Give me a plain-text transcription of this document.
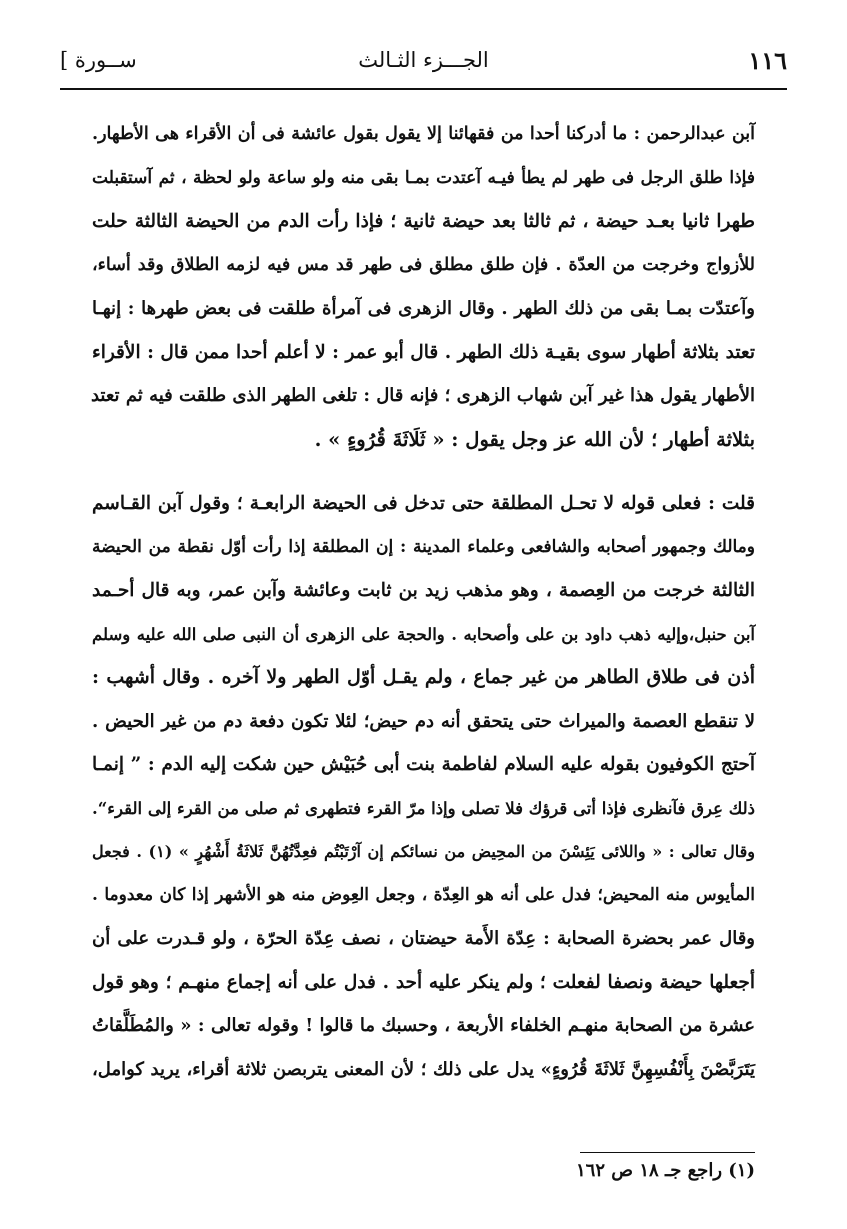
[ ســورة	الجـــزء الثـالث	١١٦

آبن عبدالرحمن : ما أدركنا أحدا من فقهائنا إلا يقول بقول عائشة فى أن الأقراء هى الأطهار.

فإذا طلق الرجل فى طهر لم يطأ فيـه آعتدت بمـا بقى منه ولو ساعة ولو لحظة ، ثم آستقبلت

طهرا ثانيا بعـد حيضة ، ثم ثالثا بعد حيضة ثانية ؛ فإذا رأت الدم من الحيضة الثالثة حلت

للأزواج وخرجت من العدّة . فإن طلق مطلق فى طهر قد مس فيه لزمه الطلاق وقد أساء،

وآعتدّت بمـا بقى من ذلك الطهر . وقال الزهرى فى آمرأة طلقت فى بعض طهرها : إنهـا

تعتد بثلاثة أطهار سوى بقيـة ذلك الطهر . قال أبو عمر : لا أعلم أحدا ممن قال : الأقراء

الأطهار يقول هذا غير آبن شهاب الزهرى ؛ فإنه قال : تلغى الطهر الذى طلقت فيه ثم تعتد

بثلاثة أطهار ؛ لأن الله عز وجل يقول : « ثَلَاثَةَ قُرُوءٍ » .

قلت : فعلى قوله لا تحـل المطلقة حتى تدخل فى الحيضة الرابعـة ؛ وقول آبن القـاسم

ومالك وجمهور أصحابه والشافعى وعلماء المدينة : إن المطلقة إذا رأت أوّل نقطة من الحيضة

الثالثة خرجت من العِصمة ، وهو مذهب زيد بن ثابت وعائشة وآبن عمر، وبه قال أحـمد

آبن حنبل،وإليه ذهب داود بن على وأصحابه . والحجة على الزهرى أن النبى صلى الله عليه وسلم

أذن فى طلاق الطاهر من غير جماع ، ولم يقـل أوّل الطهر ولا آخره . وقال أشهب :

لا تنقطع العصمة والميراث حتى يتحقق أنه دم حيض؛ لئلا تكون دفعة دم من غير الحيض .

آحتج الكوفيون بقوله عليه السلام لفاطمة بنت أبى حُبَيْش حين شكت إليه الدم : ” إنمـا

ذلك عِرق فآنظرى فإذا أتى قرؤك فلا تصلى وإذا مرّ القرء فتطهرى ثم صلى من القرء إلى القرء“.

وقال تعالى : « واللائى يَئِسْنَ من المحِيض من نسائكم إن آرْتَبْتُم فعِدَّتُهُنَّ ثَلاثَةُ أَشْهُرٍ » (١) . فجعل

المأيوس منه المحيض؛ فدل على أنه هو العِدّة ، وجعل العِوض منه هو الأشهر إذا كان معدوما .

وقال عمر بحضرة الصحابة : عِدّة الأَمة حيضتان ، نصف عِدّة الحرّة ، ولو قـدرت على أن

أجعلها حيضة ونصفا لفعلت ؛ ولم ينكر عليه أحد . فدل على أنه إجماع منهـم ؛ وهو قول

عشرة من الصحابة منهـم الخلفاء الأربعة ، وحسبك ما قالوا ! وقوله تعالى : « والمُطَلَّقاتُ

يَتَرَبَّصْنَ بِأَنْفُسِهِنَّ ثَلاثَةَ قُرُوءٍ» يدل على ذلك ؛ لأن المعنى يتربصن ثلاثة أقراء، يريد كوامل،

(١) راجع جـ ١٨ ص ١٦٢
